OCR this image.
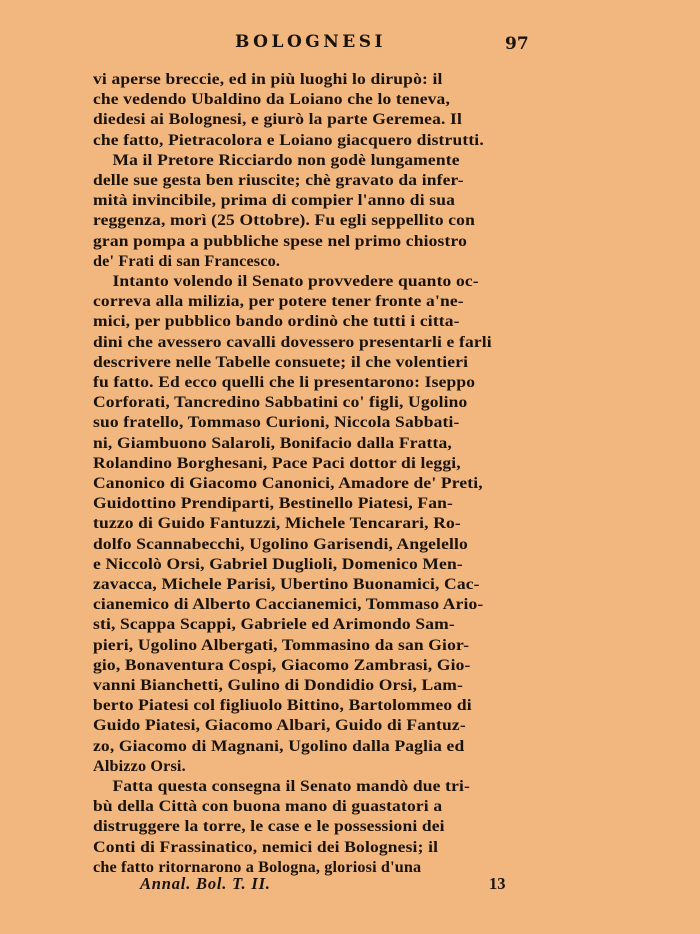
BOLOGNESI	97
vi aperse breccie, ed in più luoghi lo dirupò: il
che vedendo Ubaldino da Loiano che lo teneva,
diedesi ai Bolognesi, e giurò la parte Geremea. Il
che fatto, Pietracolora e Loiano giacquero distrutti.
Ma il Pretore Ricciardo non godè lungamente
delle sue gesta ben riuscite; chè gravato da infer-
mità invincibile, prima di compier l'anno di sua
reggenza, morì (25 Ottobre). Fu egli seppellito con
gran pompa a pubbliche spese nel primo chiostro
de' Frati di san Francesco.
Intanto volendo il Senato provvedere quanto oc-
correva alla milizia, per potere tener fronte a'ne-
mici, per pubblico bando ordinò che tutti i citta-
dini che avessero cavalli dovessero presentarli e farli
descrivere nelle Tabelle consuete; il che volentieri
fu fatto. Ed ecco quelli che li presentarono: Iseppo
Corforati, Tancredino Sabbatini co' figli, Ugolino
suo fratello, Tommaso Curioni, Niccola Sabbati-
ni, Giambuono Salaroli, Bonifacio dalla Fratta,
Rolandino Borghesani, Pace Paci dottor di leggi,
Canonico di Giacomo Canonici, Amadore de' Preti,
Guidottino Prendiparti, Bestinello Piatesi, Fan-
tuzzo di Guido Fantuzzi, Michele Tencarari, Ro-
dolfo Scannabecchi, Ugolino Garisendi, Angelello
e Niccolò Orsi, Gabriel Duglioli, Domenico Men-
zavacca, Michele Parisi, Ubertino Buonamici, Cac-
cianemico di Alberto Caccianemici, Tommaso Ario-
sti, Scappa Scappi, Gabriele ed Arimondo Sam-
pieri, Ugolino Albergati, Tommasino da san Gior-
gio, Bonaventura Cospi, Giacomo Zambrasi, Gio-
vanni Bianchetti, Gulino di Dondidio Orsi, Lam-
berto Piatesi col figliuolo Bittino, Bartolommeo di
Guido Piatesi, Giacomo Albari, Guido di Fantuz-
zo, Giacomo di Magnani, Ugolino dalla Paglia ed
Albizzo Orsi.
Fatta questa consegna il Senato mandò due tri-
bù della Città con buona mano di guastatori a
distruggere la torre, le case e le possessioni dei
Conti di Frassinatico, nemici dei Bolognesi; il
che fatto ritornarono a Bologna, gloriosi d'una
Annal. Bol. T. II.	13
